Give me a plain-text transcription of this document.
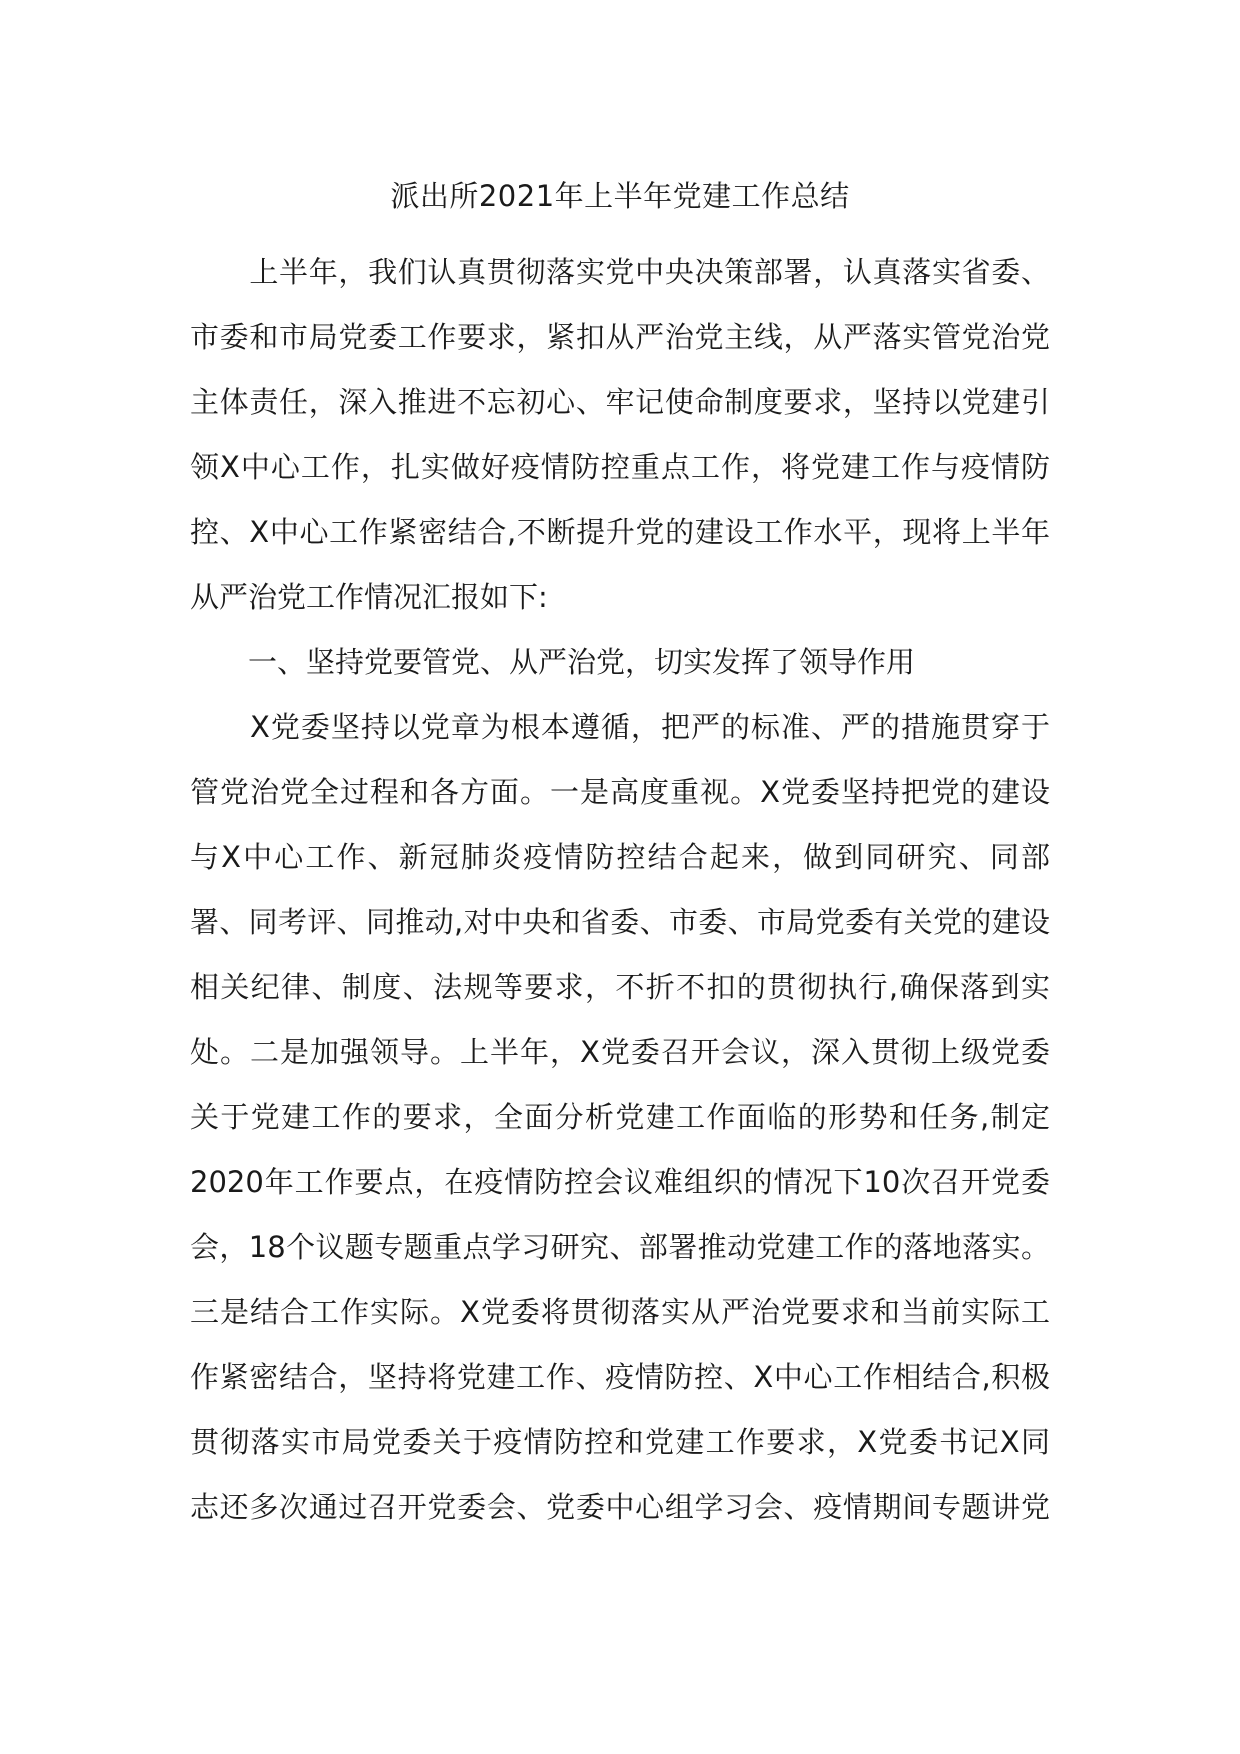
派出所2021年上半年党建工作总结
　　上半年，我们认真贯彻落实党中央决策部署，认真落实省委、
市委和市局党委工作要求，紧扣从严治党主线，从严落实管党治党
主体责任，深入推进不忘初心、牢记使命制度要求，坚持以党建引
领X中心工作，扎实做好疫情防控重点工作，将党建工作与疫情防
控、X中心工作紧密结合,不断提升党的建设工作水平，现将上半年
从严治党工作情况汇报如下:
　　一、坚持党要管党、从严治党，切实发挥了领导作用
　　X党委坚持以党章为根本遵循，把严的标准、严的措施贯穿于
管党治党全过程和各方面。一是高度重视。X党委坚持把党的建设
与X中心工作、新冠肺炎疫情防控结合起来，做到同研究、同部
署、同考评、同推动,对中央和省委、市委、市局党委有关党的建设
相关纪律、制度、法规等要求，不折不扣的贯彻执行,确保落到实
处。二是加强领导。上半年，X党委召开会议，深入贯彻上级党委
关于党建工作的要求，全面分析党建工作面临的形势和任务,制定
2020年工作要点，在疫情防控会议难组织的情况下10次召开党委
会，18个议题专题重点学习研究、部署推动党建工作的落地落实。
三是结合工作实际。X党委将贯彻落实从严治党要求和当前实际工
作紧密结合，坚持将党建工作、疫情防控、X中心工作相结合,积极
贯彻落实市局党委关于疫情防控和党建工作要求，X党委书记X同
志还多次通过召开党委会、党委中心组学习会、疫情期间专题讲党
